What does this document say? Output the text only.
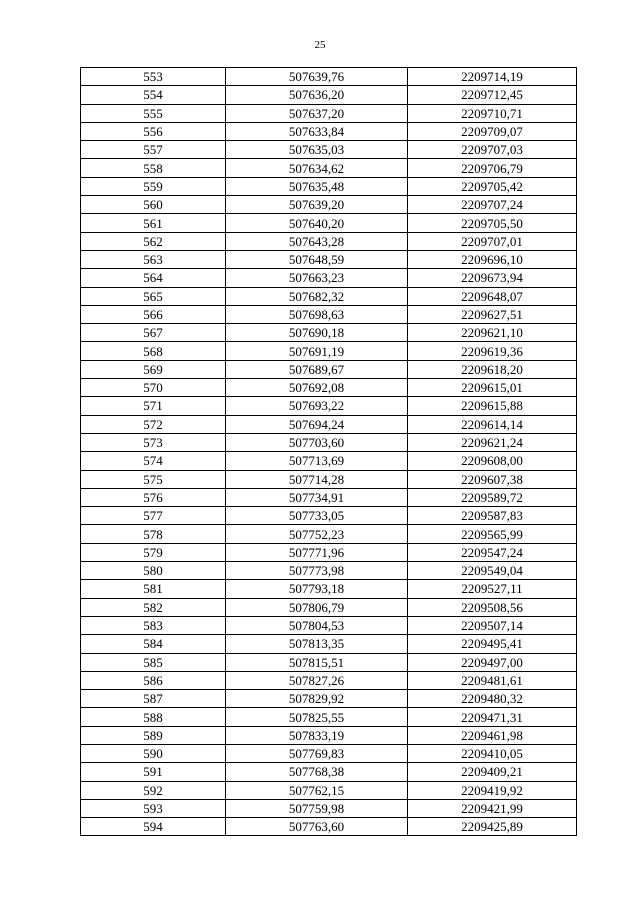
25
553	507639,76	2209714,19
554	507636,20	2209712,45
555	507637,20	2209710,71
556	507633,84	2209709,07
557	507635,03	2209707,03
558	507634,62	2209706,79
559	507635,48	2209705,42
560	507639,20	2209707,24
561	507640,20	2209705,50
562	507643,28	2209707,01
563	507648,59	2209696,10
564	507663,23	2209673,94
565	507682,32	2209648,07
566	507698,63	2209627,51
567	507690,18	2209621,10
568	507691,19	2209619,36
569	507689,67	2209618,20
570	507692,08	2209615,01
571	507693,22	2209615,88
572	507694,24	2209614,14
573	507703,60	2209621,24
574	507713,69	2209608,00
575	507714,28	2209607,38
576	507734,91	2209589,72
577	507733,05	2209587,83
578	507752,23	2209565,99
579	507771,96	2209547,24
580	507773,98	2209549,04
581	507793,18	2209527,11
582	507806,79	2209508,56
583	507804,53	2209507,14
584	507813,35	2209495,41
585	507815,51	2209497,00
586	507827,26	2209481,61
587	507829,92	2209480,32
588	507825,55	2209471,31
589	507833,19	2209461,98
590	507769,83	2209410,05
591	507768,38	2209409,21
592	507762,15	2209419,92
593	507759,98	2209421,99
594	507763,60	2209425,89
